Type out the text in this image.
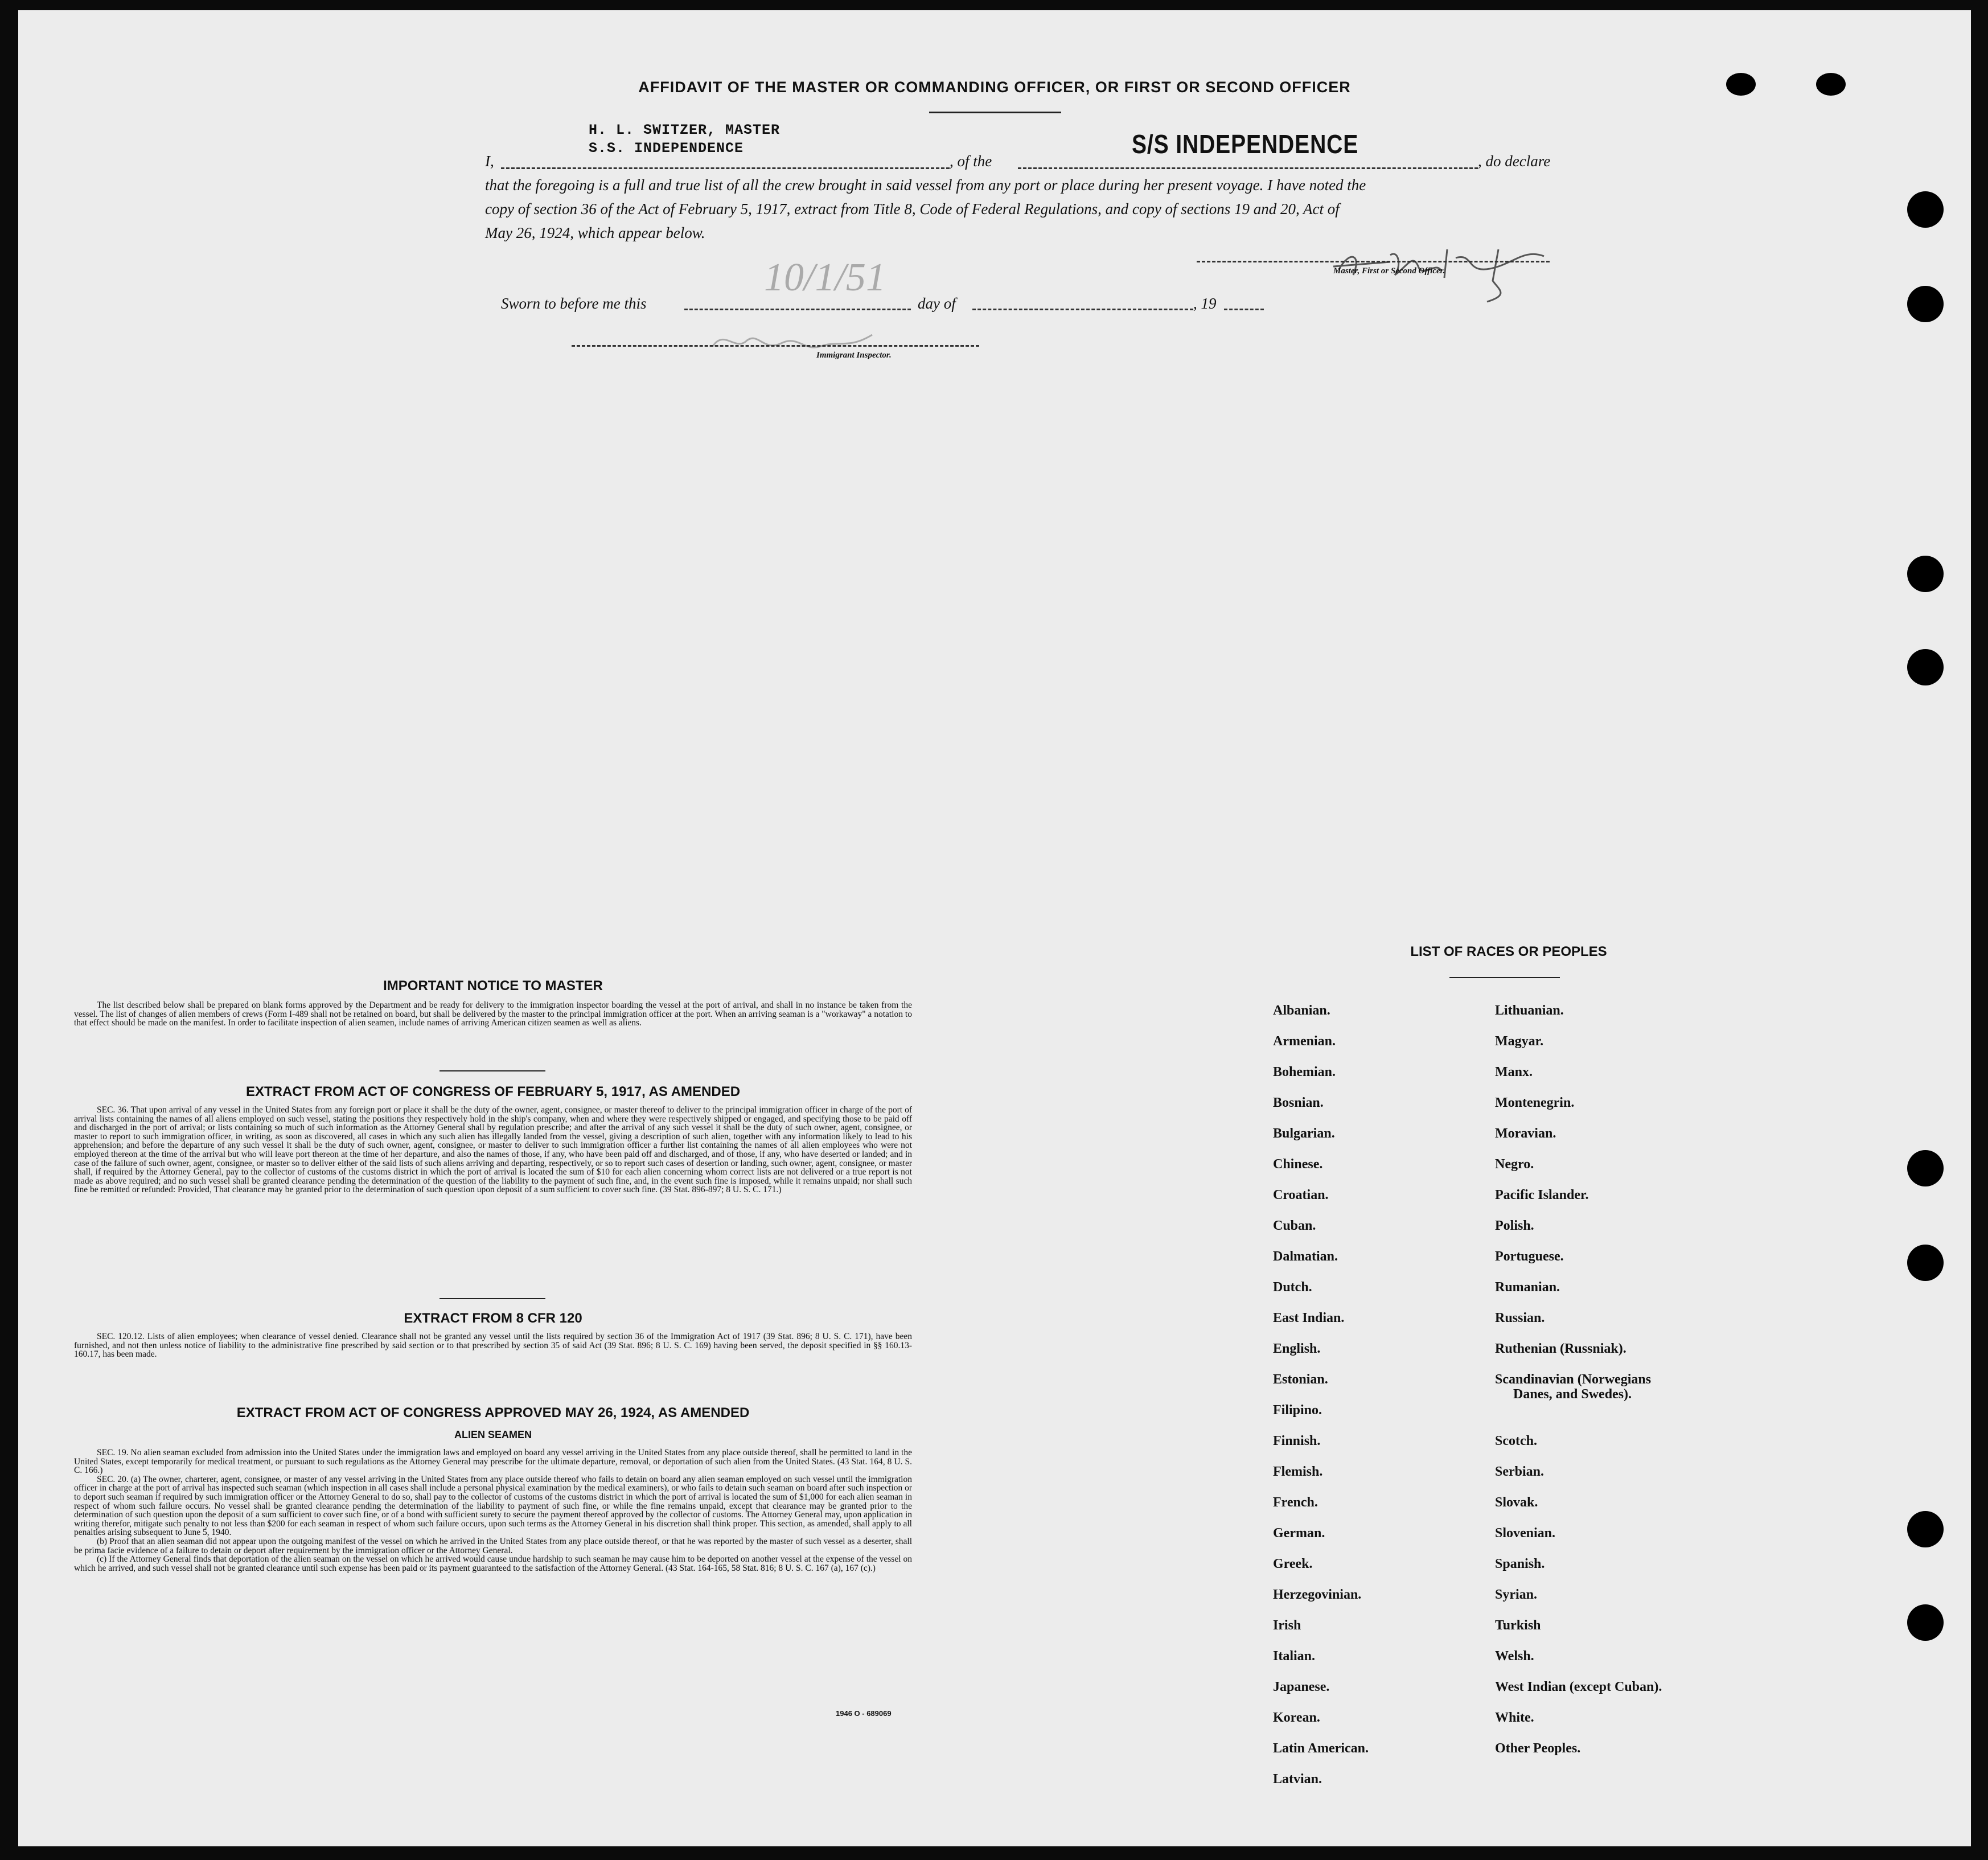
AFFIDAVIT OF THE MASTER OR COMMANDING OFFICER, OR FIRST OR SECOND OFFICER
I,
H. L. SWITZER, MASTER
S.S. INDEPENDENCE
, of the
S/S INDEPENDENCE
, do declare
that the foregoing is a full and true list of all the crew brought in said vessel from any port or place during her present voyage. I have noted the
copy of section 36 of the Act of February 5, 1917, extract from Title 8, Code of Federal Regulations, and copy of sections 19 and 20, Act of
May 26, 1924, which appear below.
Master, First or Second Officer.
Sworn to before me this
10/1/51
day of	, 19
Immigrant Inspector.
IMPORTANT NOTICE TO MASTER

The list described below shall be prepared on blank forms approved by the Department and be ready for delivery to the immigration inspector boarding the vessel at the port of arrival, and shall in no instance be taken from the vessel. The list of changes of alien members of crews (Form I-489 shall not be retained on board, but shall be delivered by the master to the principal immigration officer at the port. When an arriving seaman is a "workaway" a notation to that effect should be made on the manifest. In order to facilitate inspection of alien seamen, include names of arriving American citizen seamen as well as aliens.

EXTRACT FROM ACT OF CONGRESS OF FEBRUARY 5, 1917, AS AMENDED

SEC. 36. That upon arrival of any vessel in the United States from any foreign port or place it shall be the duty of the owner, agent, consignee, or master thereof to deliver to the principal immigration officer in charge of the port of arrival lists containing the names of all aliens employed on such vessel, stating the positions they respectively hold in the ship's company, when and where they were respectively shipped or engaged, and specifying those to be paid off and discharged in the port of arrival; or lists containing so much of such information as the Attorney General shall by regulation prescribe; and after the arrival of any such vessel it shall be the duty of such owner, agent, consignee, or master to report to such immigration officer, in writing, as soon as discovered, all cases in which any such alien has illegally landed from the vessel, giving a description of such alien, together with any information likely to lead to his apprehension; and before the departure of any such vessel it shall be the duty of such owner, agent, consignee, or master to deliver to such immigration officer a further list containing the names of all alien employees who were not employed thereon at the time of the arrival but who will leave port thereon at the time of her departure, and also the names of those, if any, who have been paid off and discharged, and of those, if any, who have deserted or landed; and in case of the failure of such owner, agent, consignee, or master so to deliver either of the said lists of such aliens arriving and departing, respectively, or so to report such cases of desertion or landing, such owner, agent, consignee, or master shall, if required by the Attorney General, pay to the collector of customs of the customs district in which the port of arrival is located the sum of $10 for each alien concerning whom correct lists are not delivered or a true report is not made as above required; and no such vessel shall be granted clearance pending the determination of the question of the liability to the payment of such fine, and, in the event such fine is imposed, while it remains unpaid; nor shall such fine be remitted or refunded: Provided, That clearance may be granted prior to the determination of such question upon deposit of a sum sufficient to cover such fine. (39 Stat. 896-897; 8 U. S. C. 171.)

EXTRACT FROM 8 CFR 120

SEC. 120.12. Lists of alien employees; when clearance of vessel denied. Clearance shall not be granted any vessel until the lists required by section 36 of the Immigration Act of 1917 (39 Stat. 896; 8 U. S. C. 171), have been furnished, and not then unless notice of liability to the administrative fine prescribed by said section or to that prescribed by section 35 of said Act (39 Stat. 896; 8 U. S. C. 169) having been served, the deposit specified in §§ 160.13-160.17, has been made.

EXTRACT FROM ACT OF CONGRESS APPROVED MAY 26, 1924, AS AMENDED
ALIEN SEAMEN

SEC. 19. No alien seaman excluded from admission into the United States under the immigration laws and employed on board any vessel arriving in the United States from any place outside thereof, shall be permitted to land in the United States, except temporarily for medical treatment, or pursuant to such regulations as the Attorney General may prescribe for the ultimate departure, removal, or deportation of such alien from the United States. (43 Stat. 164, 8 U. S. C. 166.)

SEC. 20. (a) The owner, charterer, agent, consignee, or master of any vessel arriving in the United States from any place outside thereof who fails to detain on board any alien seaman employed on such vessel until the immigration officer in charge at the port of arrival has inspected such seaman (which inspection in all cases shall include a personal physical examination by the medical examiners), or who fails to detain such seaman on board after such inspection or to deport such seaman if required by such immigration officer or the Attorney General to do so, shall pay to the collector of customs of the customs district in which the port of arrival is located the sum of $1,000 for each alien seaman in respect of whom such failure occurs. No vessel shall be granted clearance pending the determination of the liability to payment of such fine, or while the fine remains unpaid, except that clearance may be granted prior to the determination of such question upon the deposit of a sum sufficient to cover such fine, or of a bond with sufficient surety to secure the payment thereof approved by the collector of customs. The Attorney General may, upon application in writing therefor, mitigate such penalty to not less than $200 for each seaman in respect of whom such failure occurs, upon such terms as the Attorney General in his discretion shall think proper. This section, as amended, shall apply to all penalties arising subsequent to June 5, 1940.

(b) Proof that an alien seaman did not appear upon the outgoing manifest of the vessel on which he arrived in the United States from any place outside thereof, or that he was reported by the master of such vessel as a deserter, shall be prima facie evidence of a failure to detain or deport after requirement by the immigration officer or the Attorney General.

(c) If the Attorney General finds that deportation of the alien seaman on the vessel on which he arrived would cause undue hardship to such seaman he may cause him to be deported on another vessel at the expense of the vessel on which he arrived, and such vessel shall not be granted clearance until such expense has been paid or its payment guaranteed to the satisfaction of the Attorney General. (43 Stat. 164-165, 58 Stat. 816; 8 U. S. C. 167 (a), 167 (c).)

1946 O - 689069
LIST OF RACES OR PEOPLES
Albanian.
Armenian.
Bohemian.
Bosnian.
Bulgarian.
Chinese.
Croatian.
Cuban.
Dalmatian.
Dutch.
East Indian.
English.
Estonian.
Filipino.
Finnish.
Flemish.
French.
German.
Greek.
Herzegovinian.
Irish
Italian.
Japanese.
Korean.
Latin American.
Latvian.
Lithuanian.
Magyar.
Manx.
Montenegrin.
Moravian.
Negro.
Pacific Islander.
Polish.
Portuguese.
Rumanian.
Russian.
Ruthenian (Russniak).
Scandinavian (Norwegians
Danes, and Swedes).
Scotch.
Serbian.
Slovak.
Slovenian.
Spanish.
Syrian.
Turkish
Welsh.
West Indian (except Cuban).
White.
Other Peoples.
